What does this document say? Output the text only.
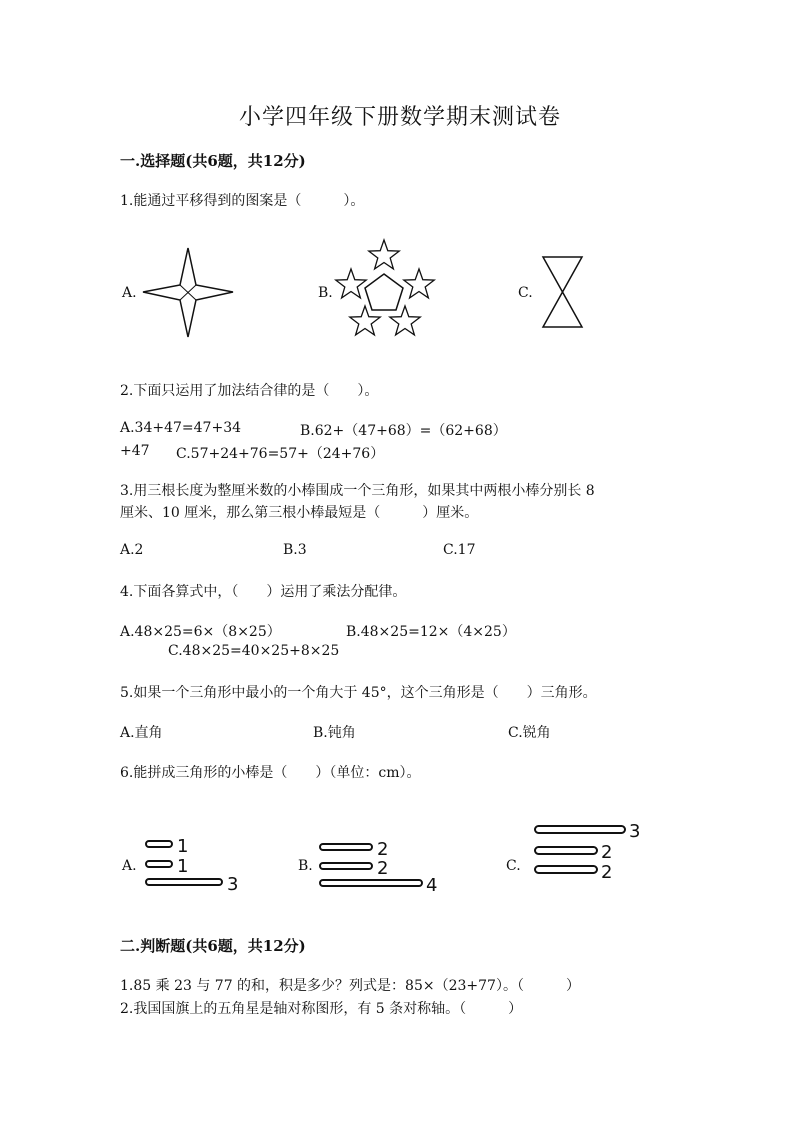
小学四年级下册数学期末测试卷
一.选择题(共6题，共12分)
1.能通过平移得到的图案是（　　　）。
A.	B.	C.
2.下面只运用了加法结合律的是（　　）。
A.34+47=47+34	B.62+（47+68）=（62+68）
+47 C.57+24+76=57+（24+76）
3.用三根长度为整厘米数的小棒围成一个三角形，如果其中两根小棒分别长 8
厘米、10 厘米，那么第三根小棒最短是（　　　）厘米。
A.2	B.3	C.17
4.下面各算式中，（　　）运用了乘法分配律。
A.48×25=6×（8×25）	B.48×25=12×（4×25）
C.48×25=40×25+8×25
5.如果一个三角形中最小的一个角大于 45°，这个三角形是（　　）三角形。
A.直角	B.钝角	C.锐角
6.能拼成三角形的小棒是（　　）（单位：cm）。
A.	B.	C.
1
1
3
2
2
4
3
2
2
二.判断题(共6题，共12分)
1.85 乘 23 与 77 的和，积是多少？列式是：85×（23+77）。（　　　）
2.我国国旗上的五角星是轴对称图形，有 5 条对称轴。（　　　）
